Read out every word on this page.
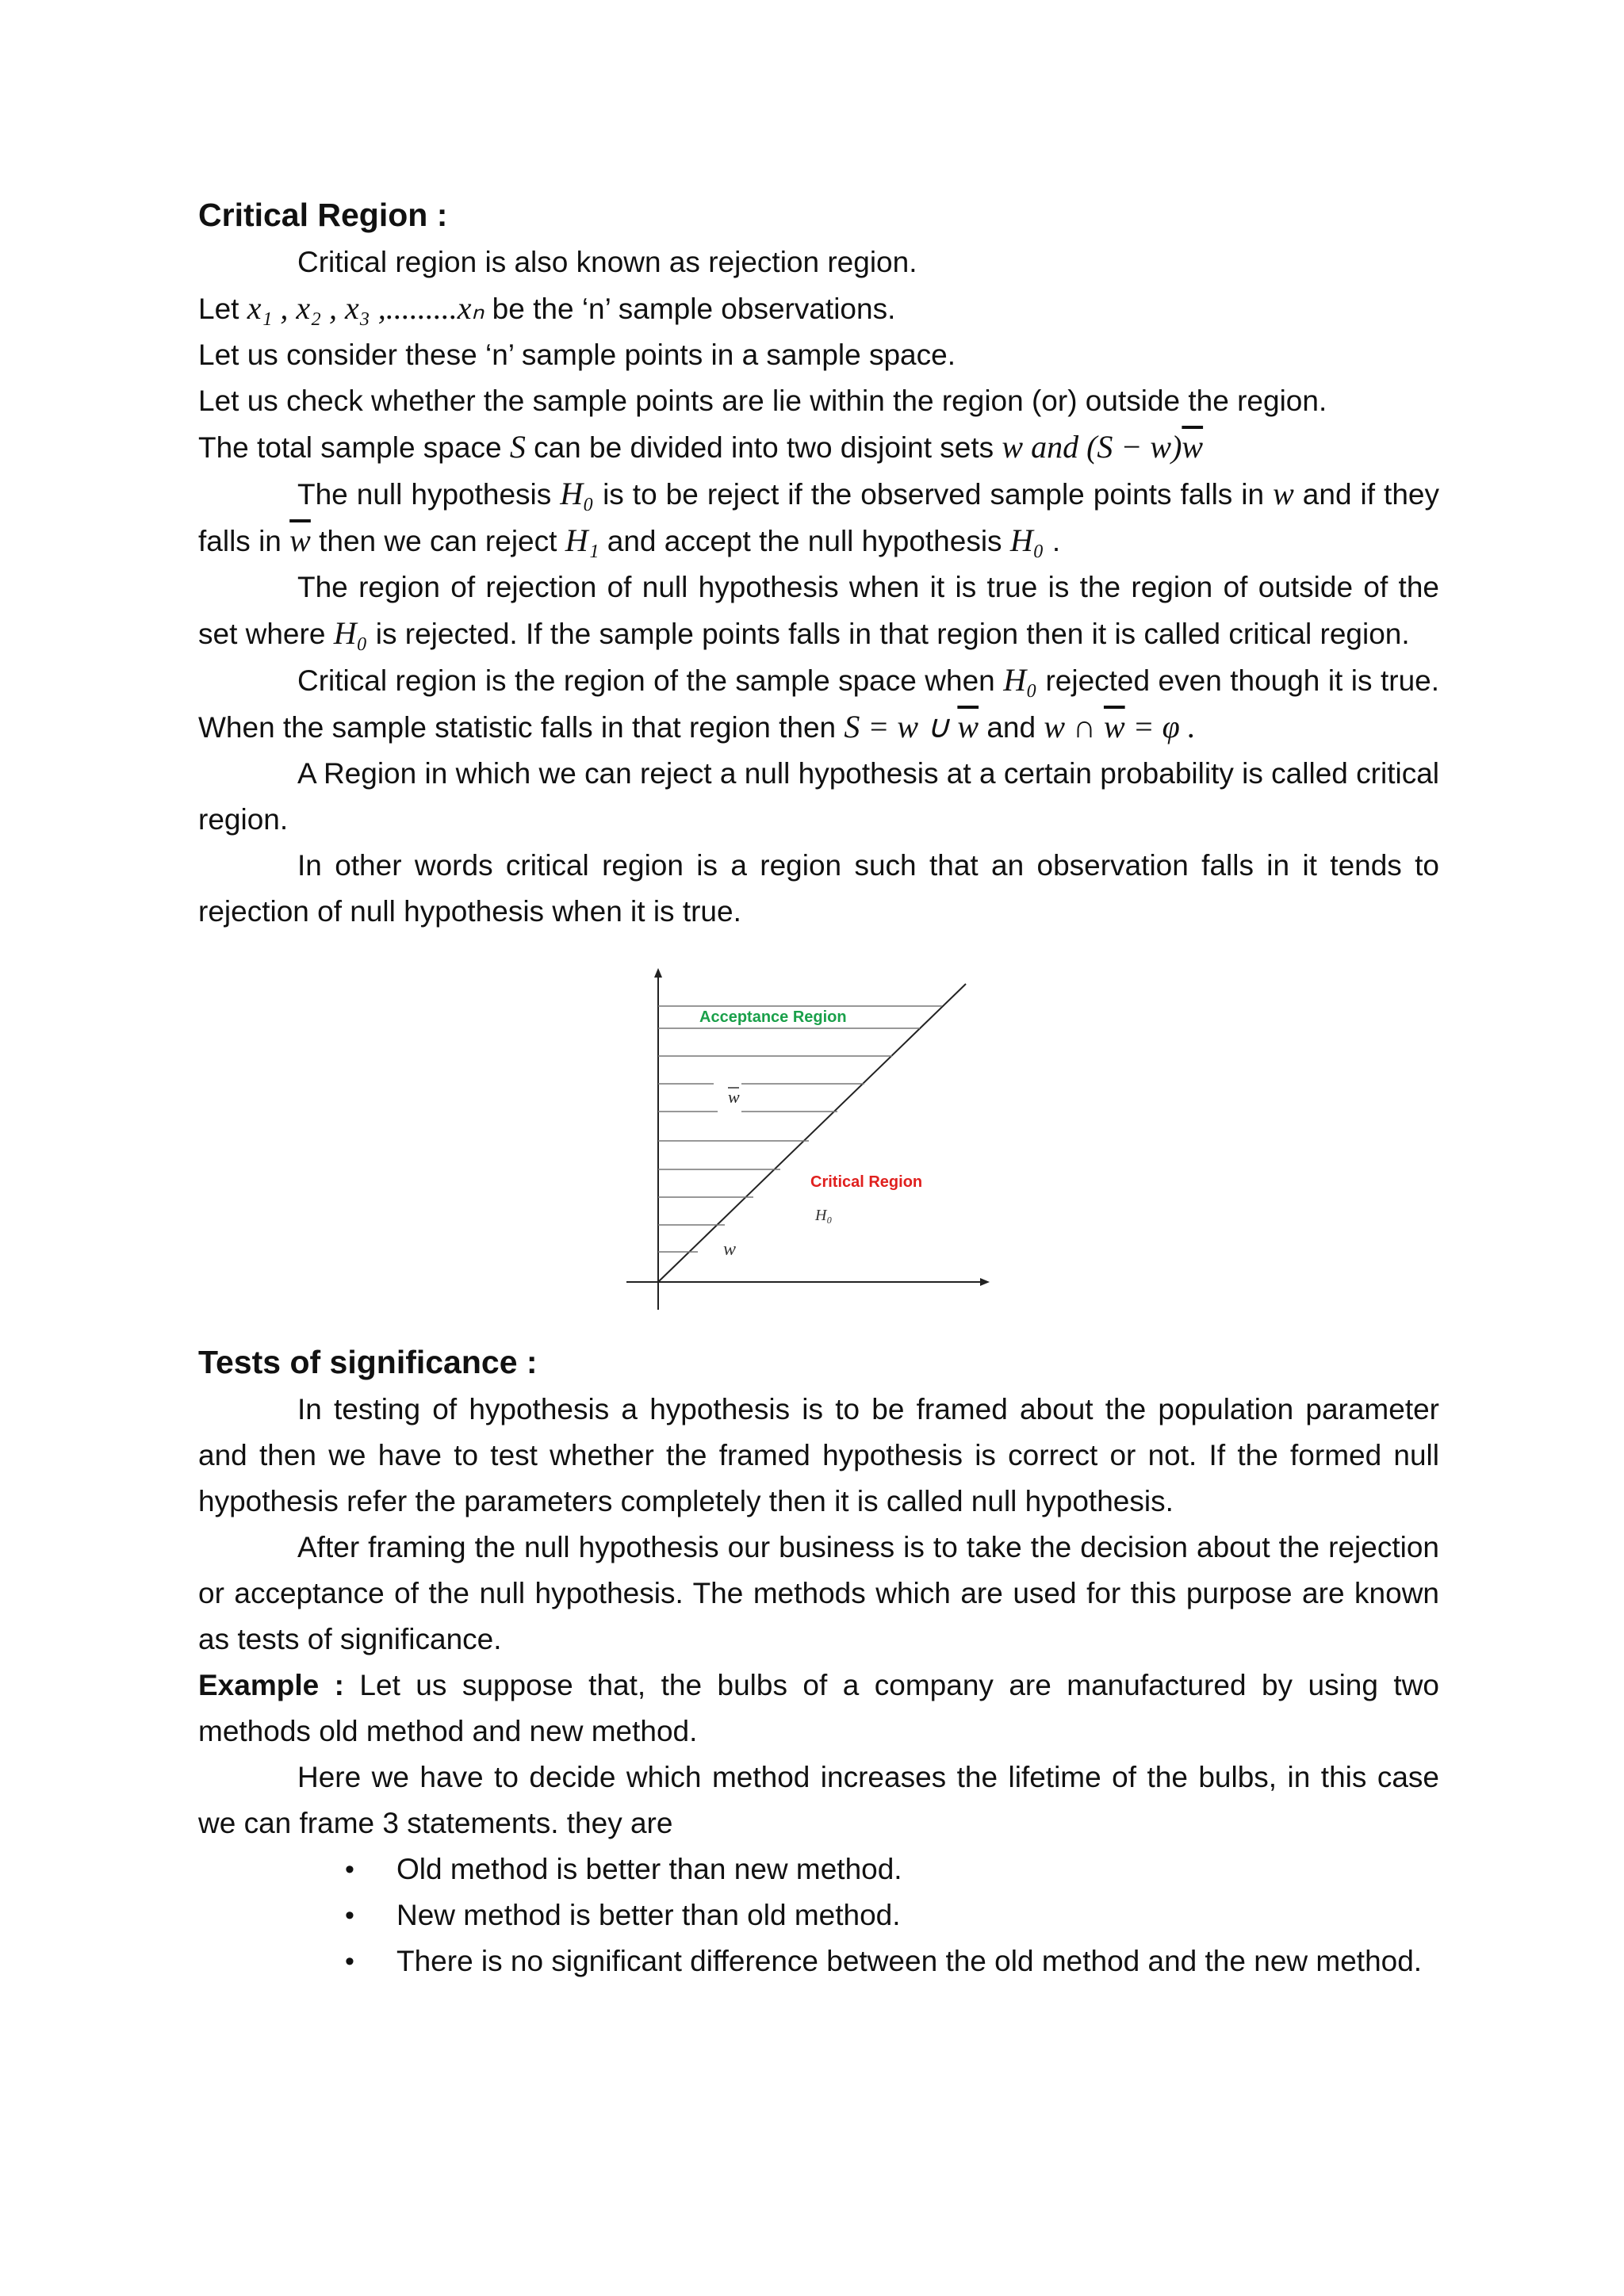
Critical Region :

Critical region is also known as rejection region.

Let x₁ , x₂ , x₃ ,.........xₙ be the ‘n’ sample observations.

Let us consider these ‘n’ sample points in a sample space.

Let us check whether the sample points are lie within the region (or) outside the region.

The total sample space S can be divided into two disjoint sets w and $(S - w)\overline{w}$

The null hypothesis H₀ is to be reject if the observed sample points falls in w and if they falls in $\overline{w}$ then we can reject H₁ and accept the null hypothesis H₀ .

The region of rejection of null hypothesis when it is true is the region of outside of the set where H₀ is rejected. If the sample points falls in that region then it is called critical region.

Critical region is the region of the sample space when H₀ rejected even though it is true. When the sample statistic falls in that region then S = w ∪ $\overline{w}$ and w ∩ $\overline{w} = \varphi$ .

A Region in which we can reject a null hypothesis at a certain probability is called critical region.

In other words critical region is a region such that an observation falls in it tends to rejection of null hypothesis when it is true.

Acceptance Region
w
Critical Region
H₀
w

Tests of significance :

In testing of hypothesis a hypothesis is to be framed about the population parameter and then we have to test whether the framed hypothesis is correct or not. If the formed null hypothesis refer the parameters completely then it is called null hypothesis.

After framing the null hypothesis our business is to take the decision about the rejection or acceptance of the null hypothesis. The methods which are used for this purpose are known as tests of significance.

Example : Let us suppose that, the bulbs of a company are manufactured by using two methods old method and new method.

Here we have to decide which method increases the lifetime of the bulbs, in this case we can frame 3 statements. they are

• Old method is better than new method.
• New method is better than old method.
• There is no significant difference between the old method and the new method.
